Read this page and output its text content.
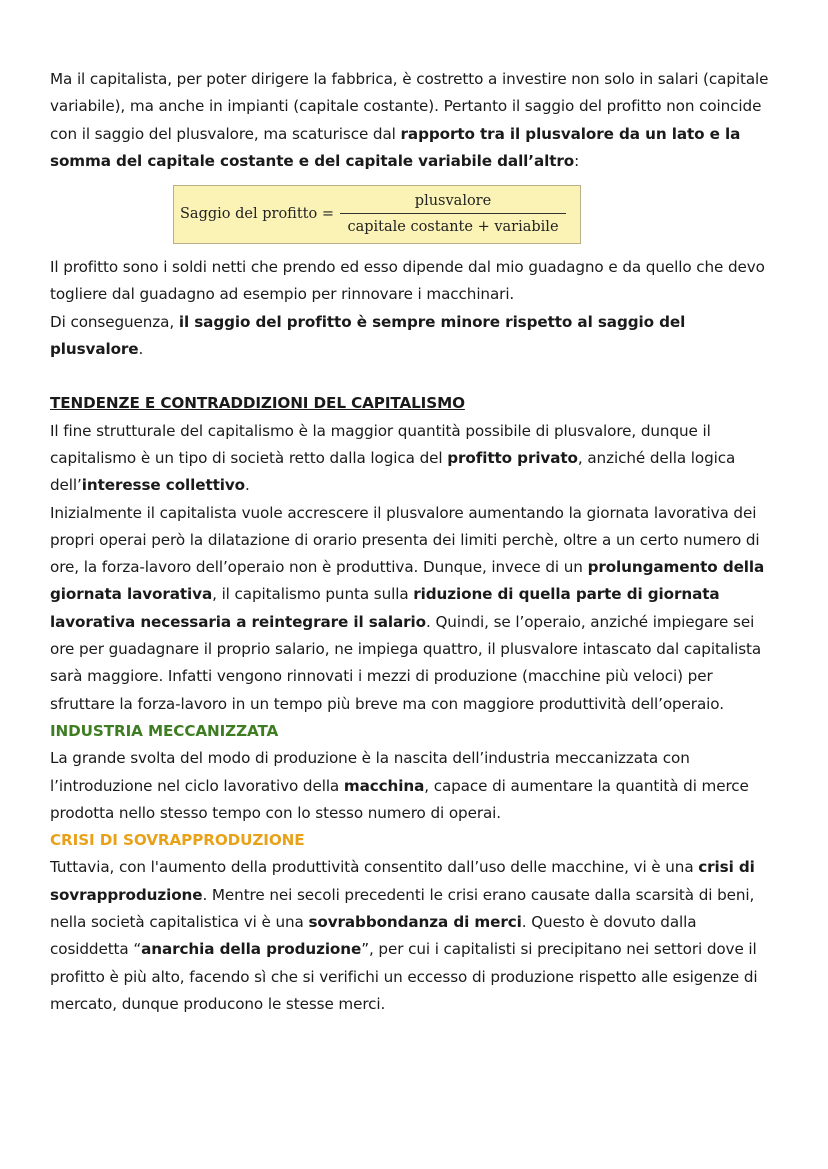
Ma il capitalista, per poter dirigere la fabbrica, è costretto a investire non solo in salari (capitale variabile), ma anche in impianti (capitale costante). Pertanto il saggio del profitto non coincide con il saggio del plusvalore, ma scaturisce dal rapporto tra il plusvalore da un lato e la somma del capitale costante e del capitale variabile dall’altro:

Saggio del profitto = $\frac{\text{plusvalore}}{\text{capitale costante + variabile}}$

Il profitto sono i soldi netti che prendo ed esso dipende dal mio guadagno e da quello che devo togliere dal guadagno ad esempio per rinnovare i macchinari.

Di conseguenza, il saggio del profitto è sempre minore rispetto al saggio del plusvalore.

TENDENZE E CONTRADDIZIONI DEL CAPITALISMO

Il fine strutturale del capitalismo è la maggior quantità possibile di plusvalore, dunque il capitalismo è un tipo di società retto dalla logica del profitto privato, anziché della logica dell’interesse collettivo.

Inizialmente il capitalista vuole accrescere il plusvalore aumentando la giornata lavorativa dei propri operai però la dilatazione di orario presenta dei limiti perchè, oltre a un certo numero di ore, la forza-lavoro dell’operaio non è produttiva. Dunque, invece di un prolungamento della giornata lavorativa, il capitalismo punta sulla riduzione di quella parte di giornata lavorativa necessaria a reintegrare il salario. Quindi, se l’operaio, anziché impiegare sei ore per guadagnare il proprio salario, ne impiega quattro, il plusvalore intascato dal capitalista sarà maggiore. Infatti vengono rinnovati i mezzi di produzione (macchine più veloci) per sfruttare la forza-lavoro in un tempo più breve ma con maggiore produttività dell’operaio.

INDUSTRIA MECCANIZZATA

La grande svolta del modo di produzione è la nascita dell’industria meccanizzata con l’introduzione nel ciclo lavorativo della macchina, capace di aumentare la quantità di merce prodotta nello stesso tempo con lo stesso numero di operai.

CRISI DI SOVRAPPRODUZIONE

Tuttavia, con l'aumento della produttività consentito dall’uso delle macchine, vi è una crisi di sovrapproduzione. Mentre nei secoli precedenti le crisi erano causate dalla scarsità di beni, nella società capitalistica vi è una sovrabbondanza di merci. Questo è dovuto dalla cosiddetta “anarchia della produzione”, per cui i capitalisti si precipitano nei settori dove il profitto è più alto, facendo sì che si verifichi un eccesso di produzione rispetto alle esigenze di mercato, dunque producono le stesse merci.
